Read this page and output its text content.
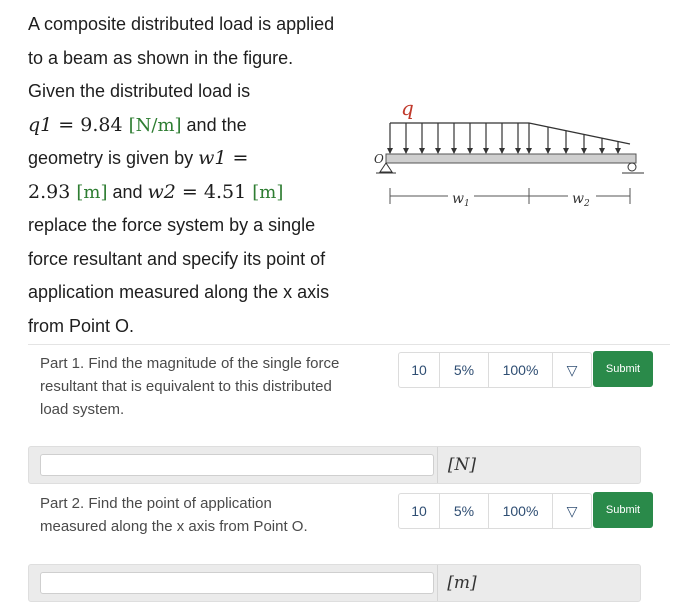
A composite distributed load is applied to a beam as shown in the figure. Given the distributed load is

q1 = 9.84 [N/m] and the

geometry is given by w1 =

2.93 [m] and w2 = 4.51 [m]

replace the force system by a single force resultant and specify its point of application measured along the x axis from Point O.

q
O
$w_1$	$w_2$
Part 1. Find the magnitude of the single force resultant that is equivalent to this distributed load system.
10	5%	100%	▽	Submit
[N]
Part 2. Find the point of application measured along the x axis from Point O.
10	5%	100%	▽	Submit
[m]
